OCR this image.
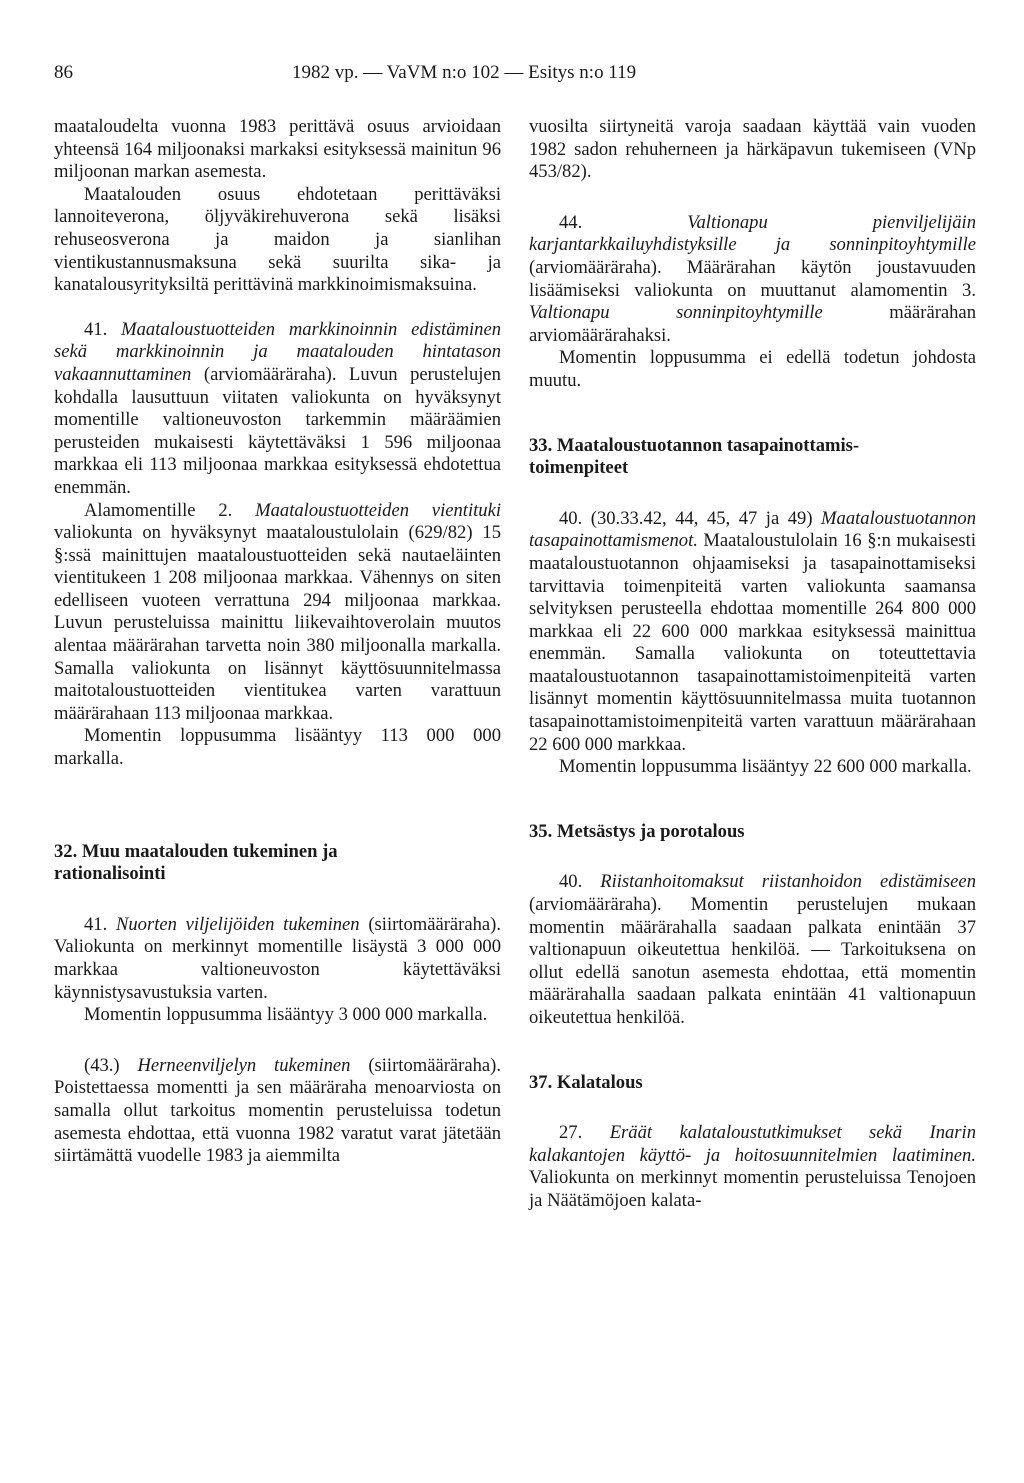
86	1982 vp. — VaVM n:o 102 — Esitys n:o 119

maataloudelta vuonna 1983 perittävä osuus arvioidaan yhteensä 164 miljoonaksi markaksi esityksessä mainitun 96 miljoonan markan asemesta.

Maatalouden osuus ehdotetaan perittäväksi lannoiteverona, öljyväkirehuverona sekä lisäksi rehuseosverona ja maidon ja sianlihan vientikustannusmaksuna sekä suurilta sika- ja kanatalousyrityksiltä perittävinä markkinoimismaksuina.

41. Maataloustuotteiden markkinoinnin edistäminen sekä markkinoinnin ja maatalouden hintatason vakaannuttaminen (arviomääräraha). Luvun perustelujen kohdalla lausuttuun viitaten valiokunta on hyväksynyt momentille valtioneuvoston tarkemmin määräämien perusteiden mukaisesti käytettäväksi 1 596 miljoonaa markkaa eli 113 miljoonaa markkaa esityksessä ehdotettua enemmän.

Alamomentille 2. Maataloustuotteiden vientituki valiokunta on hyväksynyt maataloustulolain (629/82) 15 §:ssä mainittujen maataloustuotteiden sekä nautaeläinten vientitukeen 1 208 miljoonaa markkaa. Vähennys on siten edelliseen vuoteen verrattuna 294 miljoonaa markkaa. Luvun perusteluissa mainittu liikevaihtoverolain muutos alentaa määrärahan tarvetta noin 380 miljoonalla markalla. Samalla valiokunta on lisännyt käyttösuunnitelmassa maitotaloustuotteiden vientitukea varten varattuun määrärahaan 113 miljoonaa markkaa.

Momentin loppusumma lisääntyy 113 000 000 markalla.

32. Muu maatalouden tukeminen ja

rationalisointi

41. Nuorten viljelijöiden tukeminen (siirtomääräraha). Valiokunta on merkinnyt momentille lisäystä 3 000 000 markkaa valtioneuvoston käytettäväksi käynnistysavustuksia varten.

Momentin loppusumma lisääntyy 3 000 000 markalla.

(43.) Herneenviljelyn tukeminen (siirtomääräraha). Poistettaessa momentti ja sen määräraha menoarviosta on samalla ollut tarkoitus momentin perusteluissa todetun asemesta ehdottaa, että vuonna 1982 varatut varat jätetään siirtämättä vuodelle 1983 ja aiemmilta

vuosilta siirtyneitä varoja saadaan käyttää vain vuoden 1982 sadon rehuherneen ja härkäpavun tukemiseen (VNp 453/82).

44.	Valtionapu pienviljelijäin karjantarkkailuyhdistyksille ja sonninpitoyhtymille (arviomääräraha). Määrärahan käytön joustavuuden lisäämiseksi valiokunta on muuttanut alamomentin 3. Valtionapu sonninpitoyhtymille	määrärahan arviomäärärahaksi.

Momentin loppusumma ei edellä todetun johdosta muutu.

33. Maataloustuotannon tasapainottamis-

toimenpiteet

40. (30.33.42, 44, 45, 47 ja 49) Maataloustuotannon tasapainottamismenot. Maataloustulolain 16 §:n mukaisesti maataloustuotannon ohjaamiseksi ja tasapainottamiseksi tarvittavia toimenpiteitä varten valiokunta saamansa selvityksen perusteella ehdottaa momentille 264 800 000 markkaa eli 22 600 000 markkaa esityksessä mainittua enemmän. Samalla valiokunta on toteuttettavia maataloustuotannon tasapainottamistoimenpiteitä varten lisännyt momentin käyttösuunnitelmassa muita tuotannon tasapainottamistoimenpiteitä varten varattuun määrärahaan 22 600 000 markkaa.

Momentin loppusumma lisääntyy 22 600 000 markalla.

35. Metsästys ja porotalous

40. Riistanhoitomaksut riistanhoidon edistämiseen (arviomääräraha). Momentin perustelujen mukaan momentin määrärahalla saadaan palkata enintään 37 valtionapuun oikeutettua henkilöä. — Tarkoituksena on ollut edellä sanotun asemesta ehdottaa, että momentin määrärahalla saadaan palkata enintään 41 valtionapuun oikeutettua henkilöä.

37. Kalatalous

27. Eräät kalataloustutkimukset sekä Inarin kalakantojen käyttö- ja hoitosuunnitelmien laatiminen. Valiokunta on merkinnyt momentin perusteluissa Tenojoen ja Näätämöjoen kalata-
